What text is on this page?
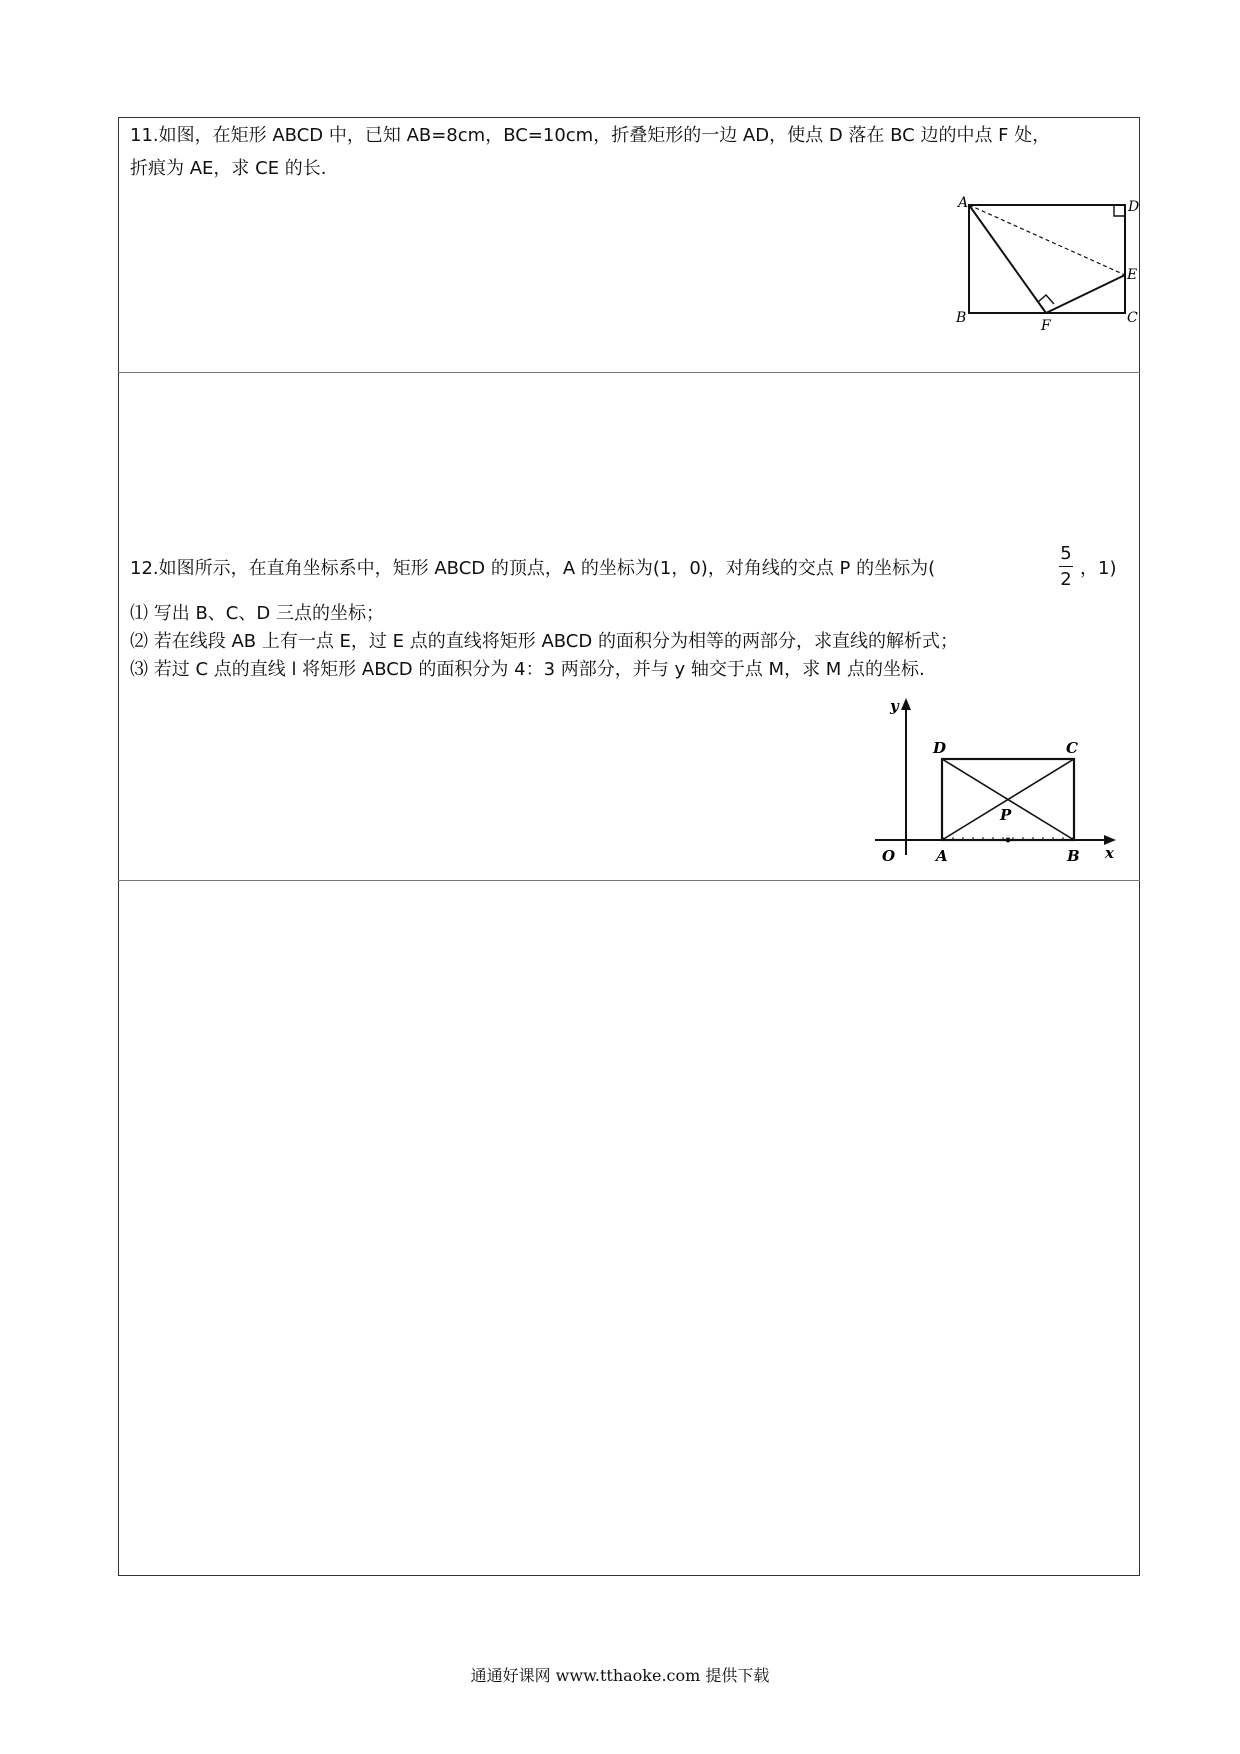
11.如图，在矩形 ABCD 中，已知 AB=8cm，BC=10cm，折叠矩形的一边 AD，使点 D 落在 BC 边的中点 F 处，
折痕为 AE，求 CE 的长.
A	D
E
B	F	C
12.如图所示，在直角坐标系中，矩形 ABCD 的顶点，A 的坐标为(1，0)，对角线的交点 P 的坐标为(
5
2
，1)
⑴ 写出 B、C、D 三点的坐标；
⑵ 若在线段 AB 上有一点 E，过 E 点的直线将矩形 ABCD 的面积分为相等的两部分，求直线的解析式；
⑶ 若过 C 点的直线 l 将矩形 ABCD 的面积分为 4：3 两部分，并与 y 轴交于点 M，求 M 点的坐标.
y
x
O	A	B
C
D
P
通通好课网 www.tthaoke.com 提供下载
